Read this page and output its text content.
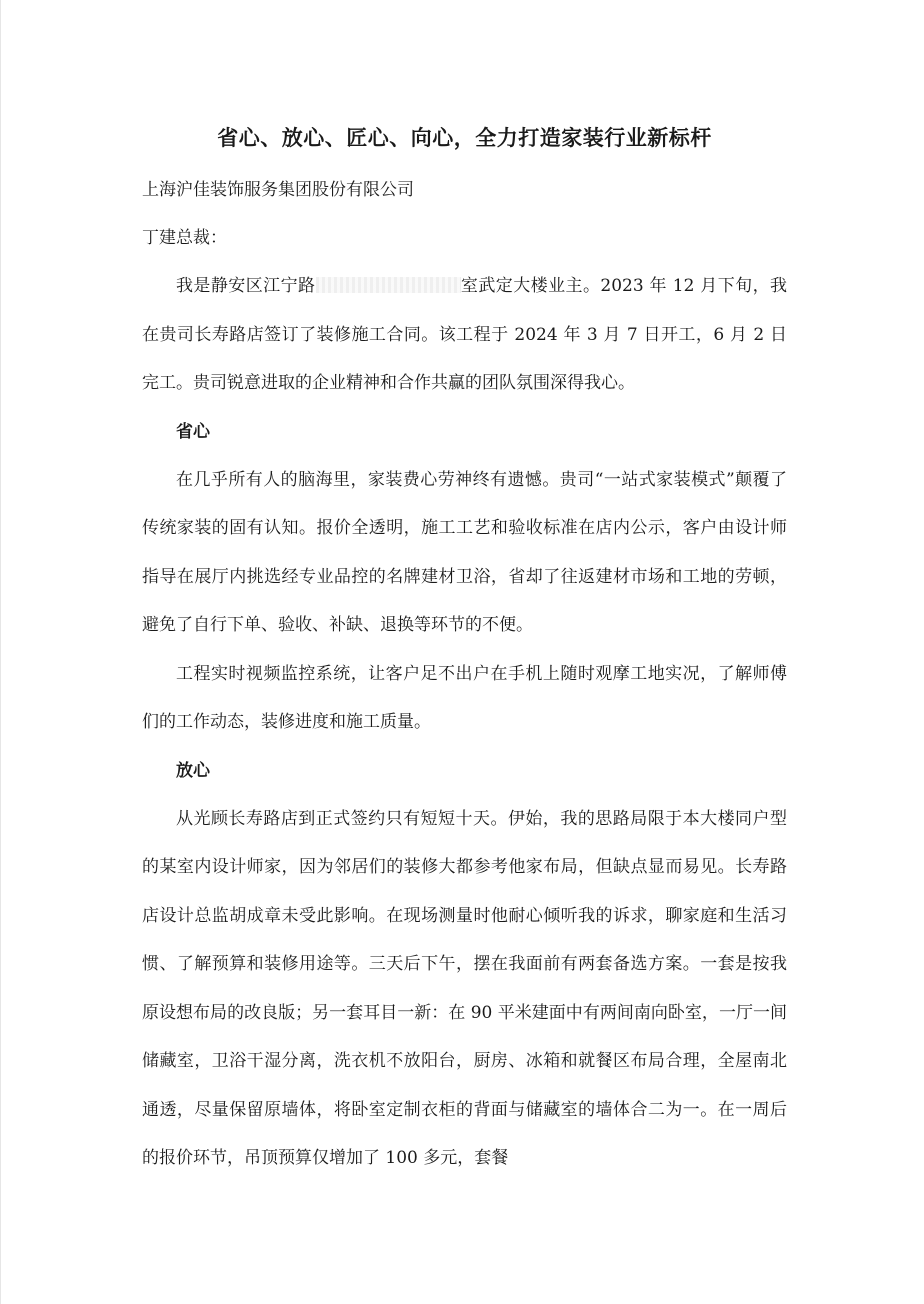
省心、放心、匠心、向心，全力打造家装行业新标杆

上海沪佳装饰服务集团股份有限公司

丁建总裁：

我是静安区江宁路	室武定大楼业主。2023 年 12 月下旬，我在贵司长寿路店签订了装修施工合同。该工程于 2024 年 3 月 7 日开工，6 月 2 日完工。贵司锐意进取的企业精神和合作共赢的团队氛围深得我心。

省心

在几乎所有人的脑海里，家装费心劳神终有遗憾。贵司“一站式家装模式”颠覆了传统家装的固有认知。报价全透明，施工工艺和验收标准在店内公示，客户由设计师指导在展厅内挑选经专业品控的名牌建材卫浴，省却了往返建材市场和工地的劳顿，避免了自行下单、验收、补缺、退换等环节的不便。

工程实时视频监控系统，让客户足不出户在手机上随时观摩工地实况，了解师傅们的工作动态，装修进度和施工质量。

放心

从光顾长寿路店到正式签约只有短短十天。伊始，我的思路局限于本大楼同户型的某室内设计师家，因为邻居们的装修大都参考他家布局，但缺点显而易见。长寿路店设计总监胡成章未受此影响。在现场测量时他耐心倾听我的诉求，聊家庭和生活习惯、了解预算和装修用途等。三天后下午，摆在我面前有两套备选方案。一套是按我原设想布局的改良版；另一套耳目一新：在 90 平米建面中有两间南向卧室，一厅一间储藏室，卫浴干湿分离，洗衣机不放阳台，厨房、冰箱和就餐区布局合理，全屋南北通透，尽量保留原墙体，将卧室定制衣柜的背面与储藏室的墙体合二为一。在一周后的报价环节，吊顶预算仅增加了 100 多元，套餐
